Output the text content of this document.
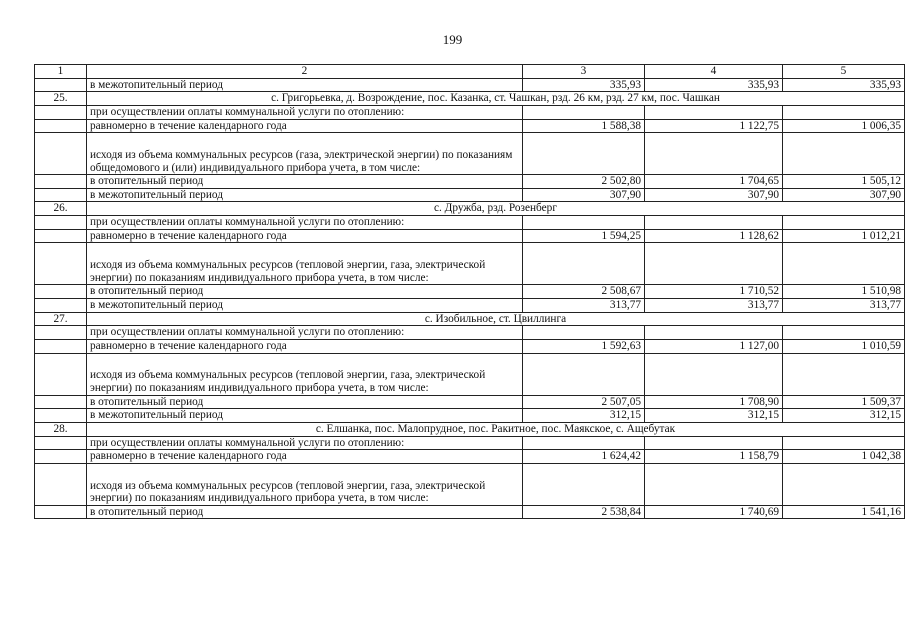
199
1	2	3	4	5
	в межотопительный период	335,93	335,93	335,93
25.	с. Григорьевка, д. Возрождение, пос. Казанка, ст. Чашкан, рзд. 26 км, рзд. 27 км, пос. Чашкан			
	при осуществлении оплаты коммунальной услуги по отоплению:			
	равномерно в течение календарного года	1 588,38	1 122,75	1 006,35
	исходя из объема коммунальных ресурсов (газа, электрической энергии) по показаниям общедомового и (или) индивидуального прибора учета, в том числе:			
	в отопительный период	2 502,80	1 704,65	1 505,12
	в межотопительный период	307,90	307,90	307,90
26.	с. Дружба, рзд. Розенберг			
	при осуществлении оплаты коммунальной услуги по отоплению:			
	равномерно в течение календарного года	1 594,25	1 128,62	1 012,21
	исходя из объема коммунальных ресурсов (тепловой энергии, газа, электрической энергии) по показаниям индивидуального прибора учета, в том числе:			
	в отопительный период	2 508,67	1 710,52	1 510,98
	в межотопительный период	313,77	313,77	313,77
27.	с. Изобильное, ст. Цвиллинга			
	при осуществлении оплаты коммунальной услуги по отоплению:			
	равномерно в течение календарного года	1 592,63	1 127,00	1 010,59
	исходя из объема коммунальных ресурсов (тепловой энергии, газа, электрической энергии) по показаниям индивидуального прибора учета, в том числе:			
	в отопительный период	2 507,05	1 708,90	1 509,37
	в межотопительный период	312,15	312,15	312,15
28.	с. Елшанка, пос. Малопрудное, пос. Ракитное, пос. Маякское, с. Ащебутак			
	при осуществлении оплаты коммунальной услуги по отоплению:			
	равномерно в течение календарного года	1 624,42	1 158,79	1 042,38
	исходя из объема коммунальных ресурсов (тепловой энергии, газа, электрической энергии) по показаниям индивидуального прибора учета, в том числе:			
	в отопительный период	2 538,84	1 740,69	1 541,16
